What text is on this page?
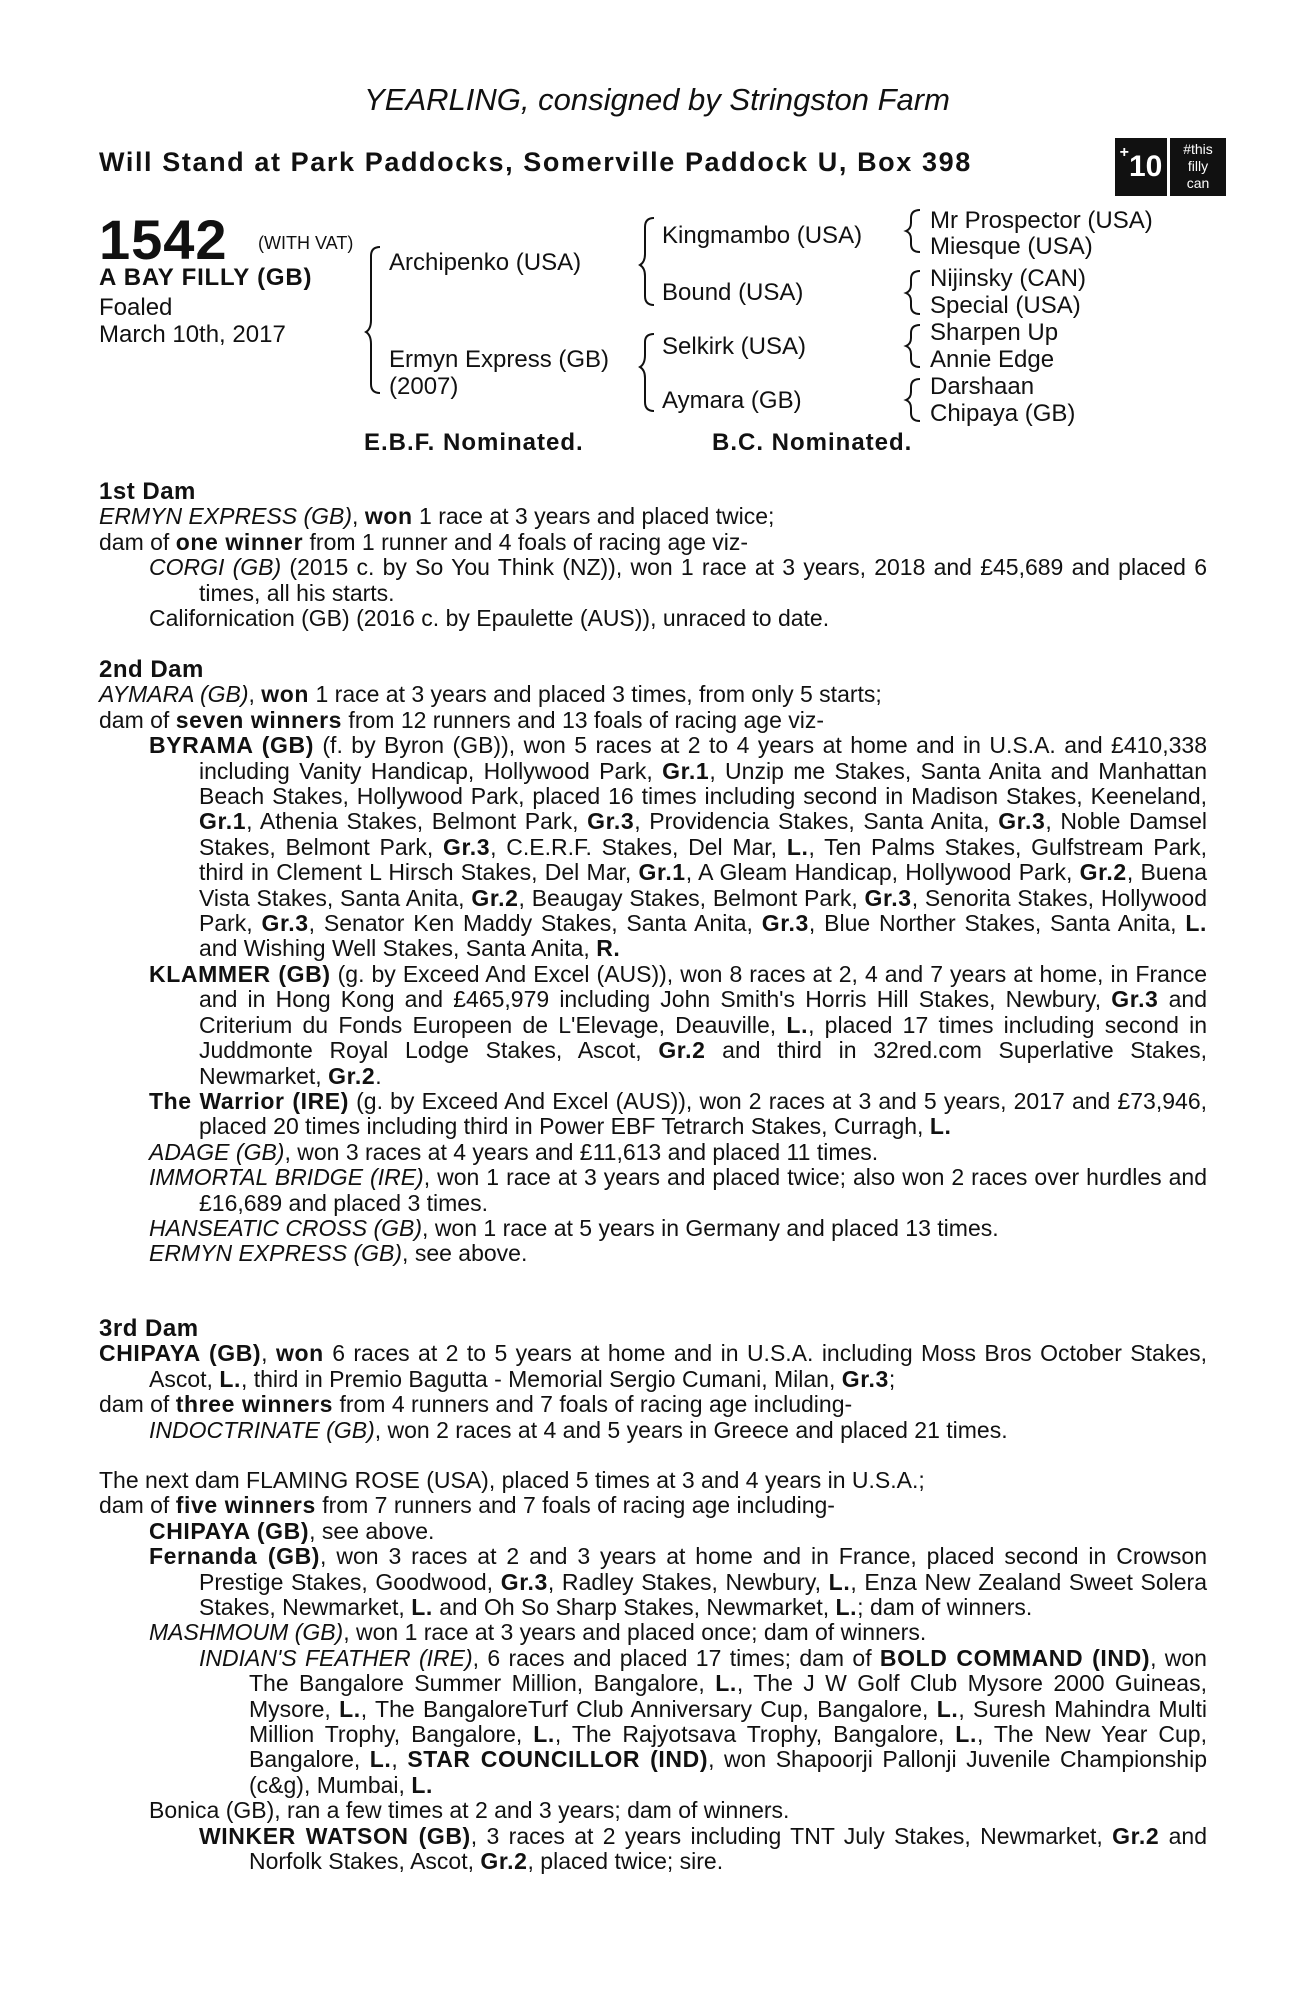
YEARLING, consigned by Stringston Farm
Will Stand at Park Paddocks, Somerville Paddock U, Box 398	+10
#this
filly
can
1542 (WITH VAT)
A BAY FILLY (GB)
Foaled
March 10th, 2017
Archipenko (USA)
Ermyn Express (GB)
(2007)
Kingmambo (USA)
Bound (USA)
Selkirk (USA)
Aymara (GB)
Mr Prospector (USA)
Miesque (USA)
Nijinsky (CAN)
Special (USA)
Sharpen Up
Annie Edge
Darshaan
Chipaya (GB)
E.B.F. Nominated.	B.C. Nominated.
1st Dam

ERMYN EXPRESS (GB), won 1 race at 3 years and placed twice;

dam of one winner from 1 runner and 4 foals of racing age viz-

CORGI (GB) (2015 c. by So You Think (NZ)), won 1 race at 3 years, 2018 and £45,689 and placed 6 times, all his starts.

Californication (GB) (2016 c. by Epaulette (AUS)), unraced to date.

2nd Dam

AYMARA (GB), won 1 race at 3 years and placed 3 times, from only 5 starts;

dam of seven winners from 12 runners and 13 foals of racing age viz-

BYRAMA (GB) (f. by Byron (GB)), won 5 races at 2 to 4 years at home and in U.S.A. and £410,338 including Vanity Handicap, Hollywood Park, Gr.1, Unzip me Stakes, Santa Anita and Manhattan Beach Stakes, Hollywood Park, placed 16 times including second in Madison Stakes, Keeneland, Gr.1, Athenia Stakes, Belmont Park, Gr.3, Providencia Stakes, Santa Anita, Gr.3, Noble Damsel Stakes, Belmont Park, Gr.3, C.E.R.F. Stakes, Del Mar, L., Ten Palms Stakes, Gulfstream Park, third in Clement L Hirsch Stakes, Del Mar, Gr.1, A Gleam Handicap, Hollywood Park, Gr.2, Buena Vista Stakes, Santa Anita, Gr.2, Beaugay Stakes, Belmont Park, Gr.3, Senorita Stakes, Hollywood Park, Gr.3, Senator Ken Maddy Stakes, Santa Anita, Gr.3, Blue Norther Stakes, Santa Anita, L. and Wishing Well Stakes, Santa Anita, R.

KLAMMER (GB) (g. by Exceed And Excel (AUS)), won 8 races at 2, 4 and 7 years at home, in France and in Hong Kong and £465,979 including John Smith's Horris Hill Stakes, Newbury, Gr.3 and Criterium du Fonds Europeen de L'Elevage, Deauville, L., placed 17 times including second in Juddmonte Royal Lodge Stakes, Ascot, Gr.2 and third in 32red.com Superlative Stakes, Newmarket, Gr.2.

The Warrior (IRE) (g. by Exceed And Excel (AUS)), won 2 races at 3 and 5 years, 2017 and £73,946, placed 20 times including third in Power EBF Tetrarch Stakes, Curragh, L.

ADAGE (GB), won 3 races at 4 years and £11,613 and placed 11 times.

IMMORTAL BRIDGE (IRE), won 1 race at 3 years and placed twice; also won 2 races over hurdles and £16,689 and placed 3 times.

HANSEATIC CROSS (GB), won 1 race at 5 years in Germany and placed 13 times.

ERMYN EXPRESS (GB), see above.

3rd Dam

CHIPAYA (GB), won 6 races at 2 to 5 years at home and in U.S.A. including Moss Bros October Stakes, Ascot, L., third in Premio Bagutta - Memorial Sergio Cumani, Milan, Gr.3;

dam of three winners from 4 runners and 7 foals of racing age including-

INDOCTRINATE (GB), won 2 races at 4 and 5 years in Greece and placed 21 times.

The next dam FLAMING ROSE (USA), placed 5 times at 3 and 4 years in U.S.A.;

dam of five winners from 7 runners and 7 foals of racing age including-

CHIPAYA (GB), see above.

Fernanda (GB), won 3 races at 2 and 3 years at home and in France, placed second in Crowson Prestige Stakes, Goodwood, Gr.3, Radley Stakes, Newbury, L., Enza New Zealand Sweet Solera Stakes, Newmarket, L. and Oh So Sharp Stakes, Newmarket, L.; dam of winners.

MASHMOUM (GB), won 1 race at 3 years and placed once; dam of winners.

INDIAN'S FEATHER (IRE), 6 races and placed 17 times; dam of BOLD COMMAND (IND), won The Bangalore Summer Million, Bangalore, L., The J W Golf Club Mysore 2000 Guineas, Mysore, L., The BangaloreTurf Club Anniversary Cup, Bangalore, L., Suresh Mahindra Multi Million Trophy, Bangalore, L., The Rajyotsava Trophy, Bangalore, L., The New Year Cup, Bangalore, L., STAR COUNCILLOR (IND), won Shapoorji Pallonji Juvenile Championship (c&g), Mumbai, L.

Bonica (GB), ran a few times at 2 and 3 years; dam of winners.

WINKER WATSON (GB), 3 races at 2 years including TNT July Stakes, Newmarket, Gr.2 and Norfolk Stakes, Ascot, Gr.2, placed twice; sire.
